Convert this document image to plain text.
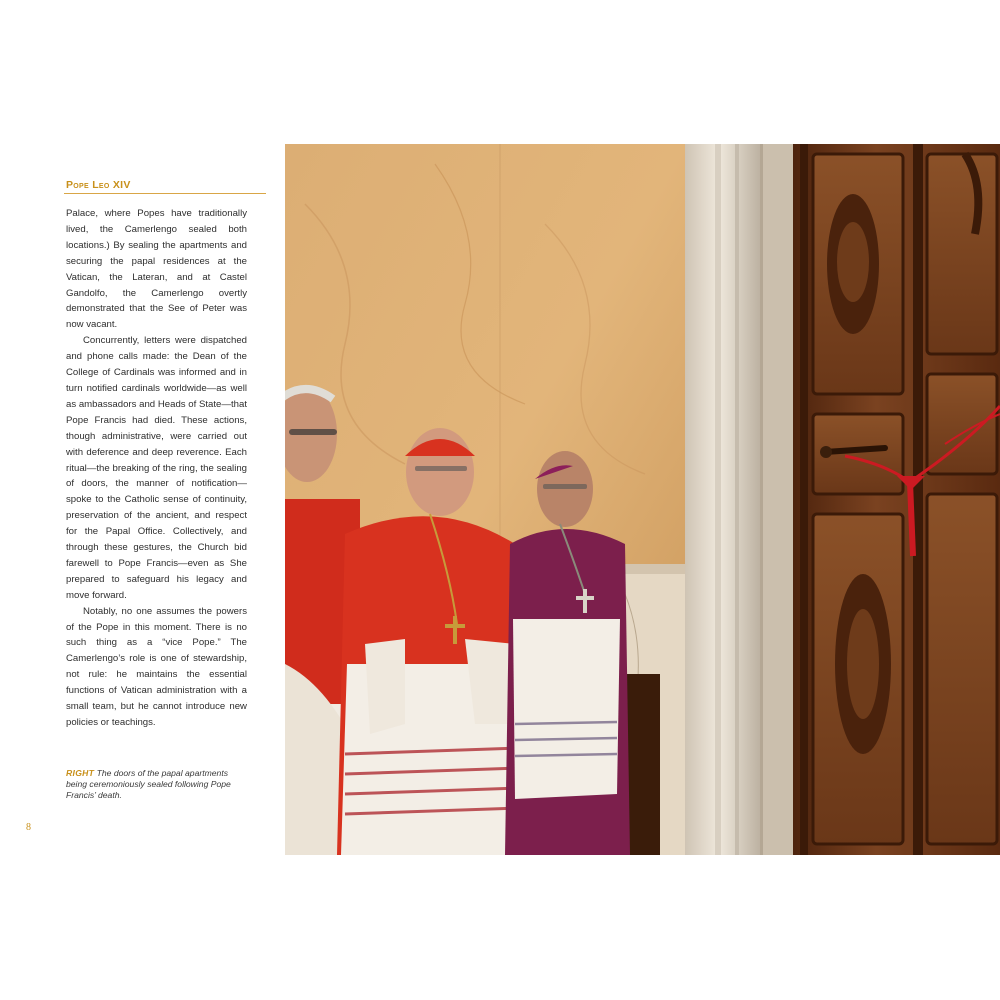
Pope Leo XIV

Palace, where Popes have traditionally lived, the Camerlengo sealed both locations.) By sealing the apartments and securing the papal residences at the Vatican, the Lateran, and at Castel Gandolfo, the Camerlengo overtly demonstrated that the See of Peter was now vacant.

Concurrently, letters were dispatched and phone calls made: the Dean of the College of Cardinals was informed and in turn notified cardinals worldwide—as well as ambassadors and Heads of State—that Pope Francis had died. These actions, though administrative, were carried out with deference and deep reverence. Each ritual—the breaking of the ring, the sealing of doors, the manner of notification—spoke to the Catholic sense of continuity, preservation of the ancient, and respect for the Papal Office. Collectively, and through these gestures, the Church bid farewell to Pope Francis—even as She prepared to safeguard his legacy and move forward.

Notably, no one assumes the powers of the Pope in this moment. There is no such thing as a “vice Pope.” The Camerlengo’s role is one of stewardship, not rule: he maintains the essential functions of Vatican administration with a small team, but he cannot introduce new policies or teachings.

RIGHT The doors of the papal apartments being ceremoniously sealed following Pope Francis’ death.
8
